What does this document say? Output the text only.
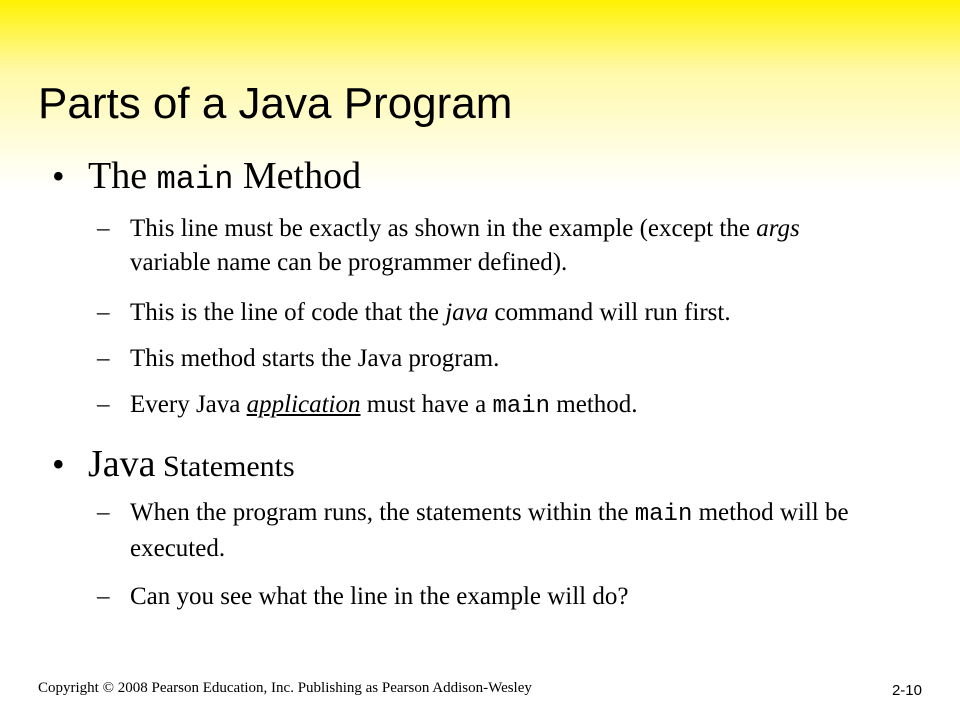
Parts of a Java Program
• The main Method
– This line must be exactly as shown in the example (except the args variable name can be programmer defined).
– This is the line of code that the java command will run first.
– This method starts the Java program.
– Every Java application must have a main method.
• Java Statements
– When the program runs, the statements within the main method will be executed.
– Can you see what the line in the example will do?
Copyright © 2008 Pearson Education, Inc. Publishing as Pearson Addison-Wesley	2-10
